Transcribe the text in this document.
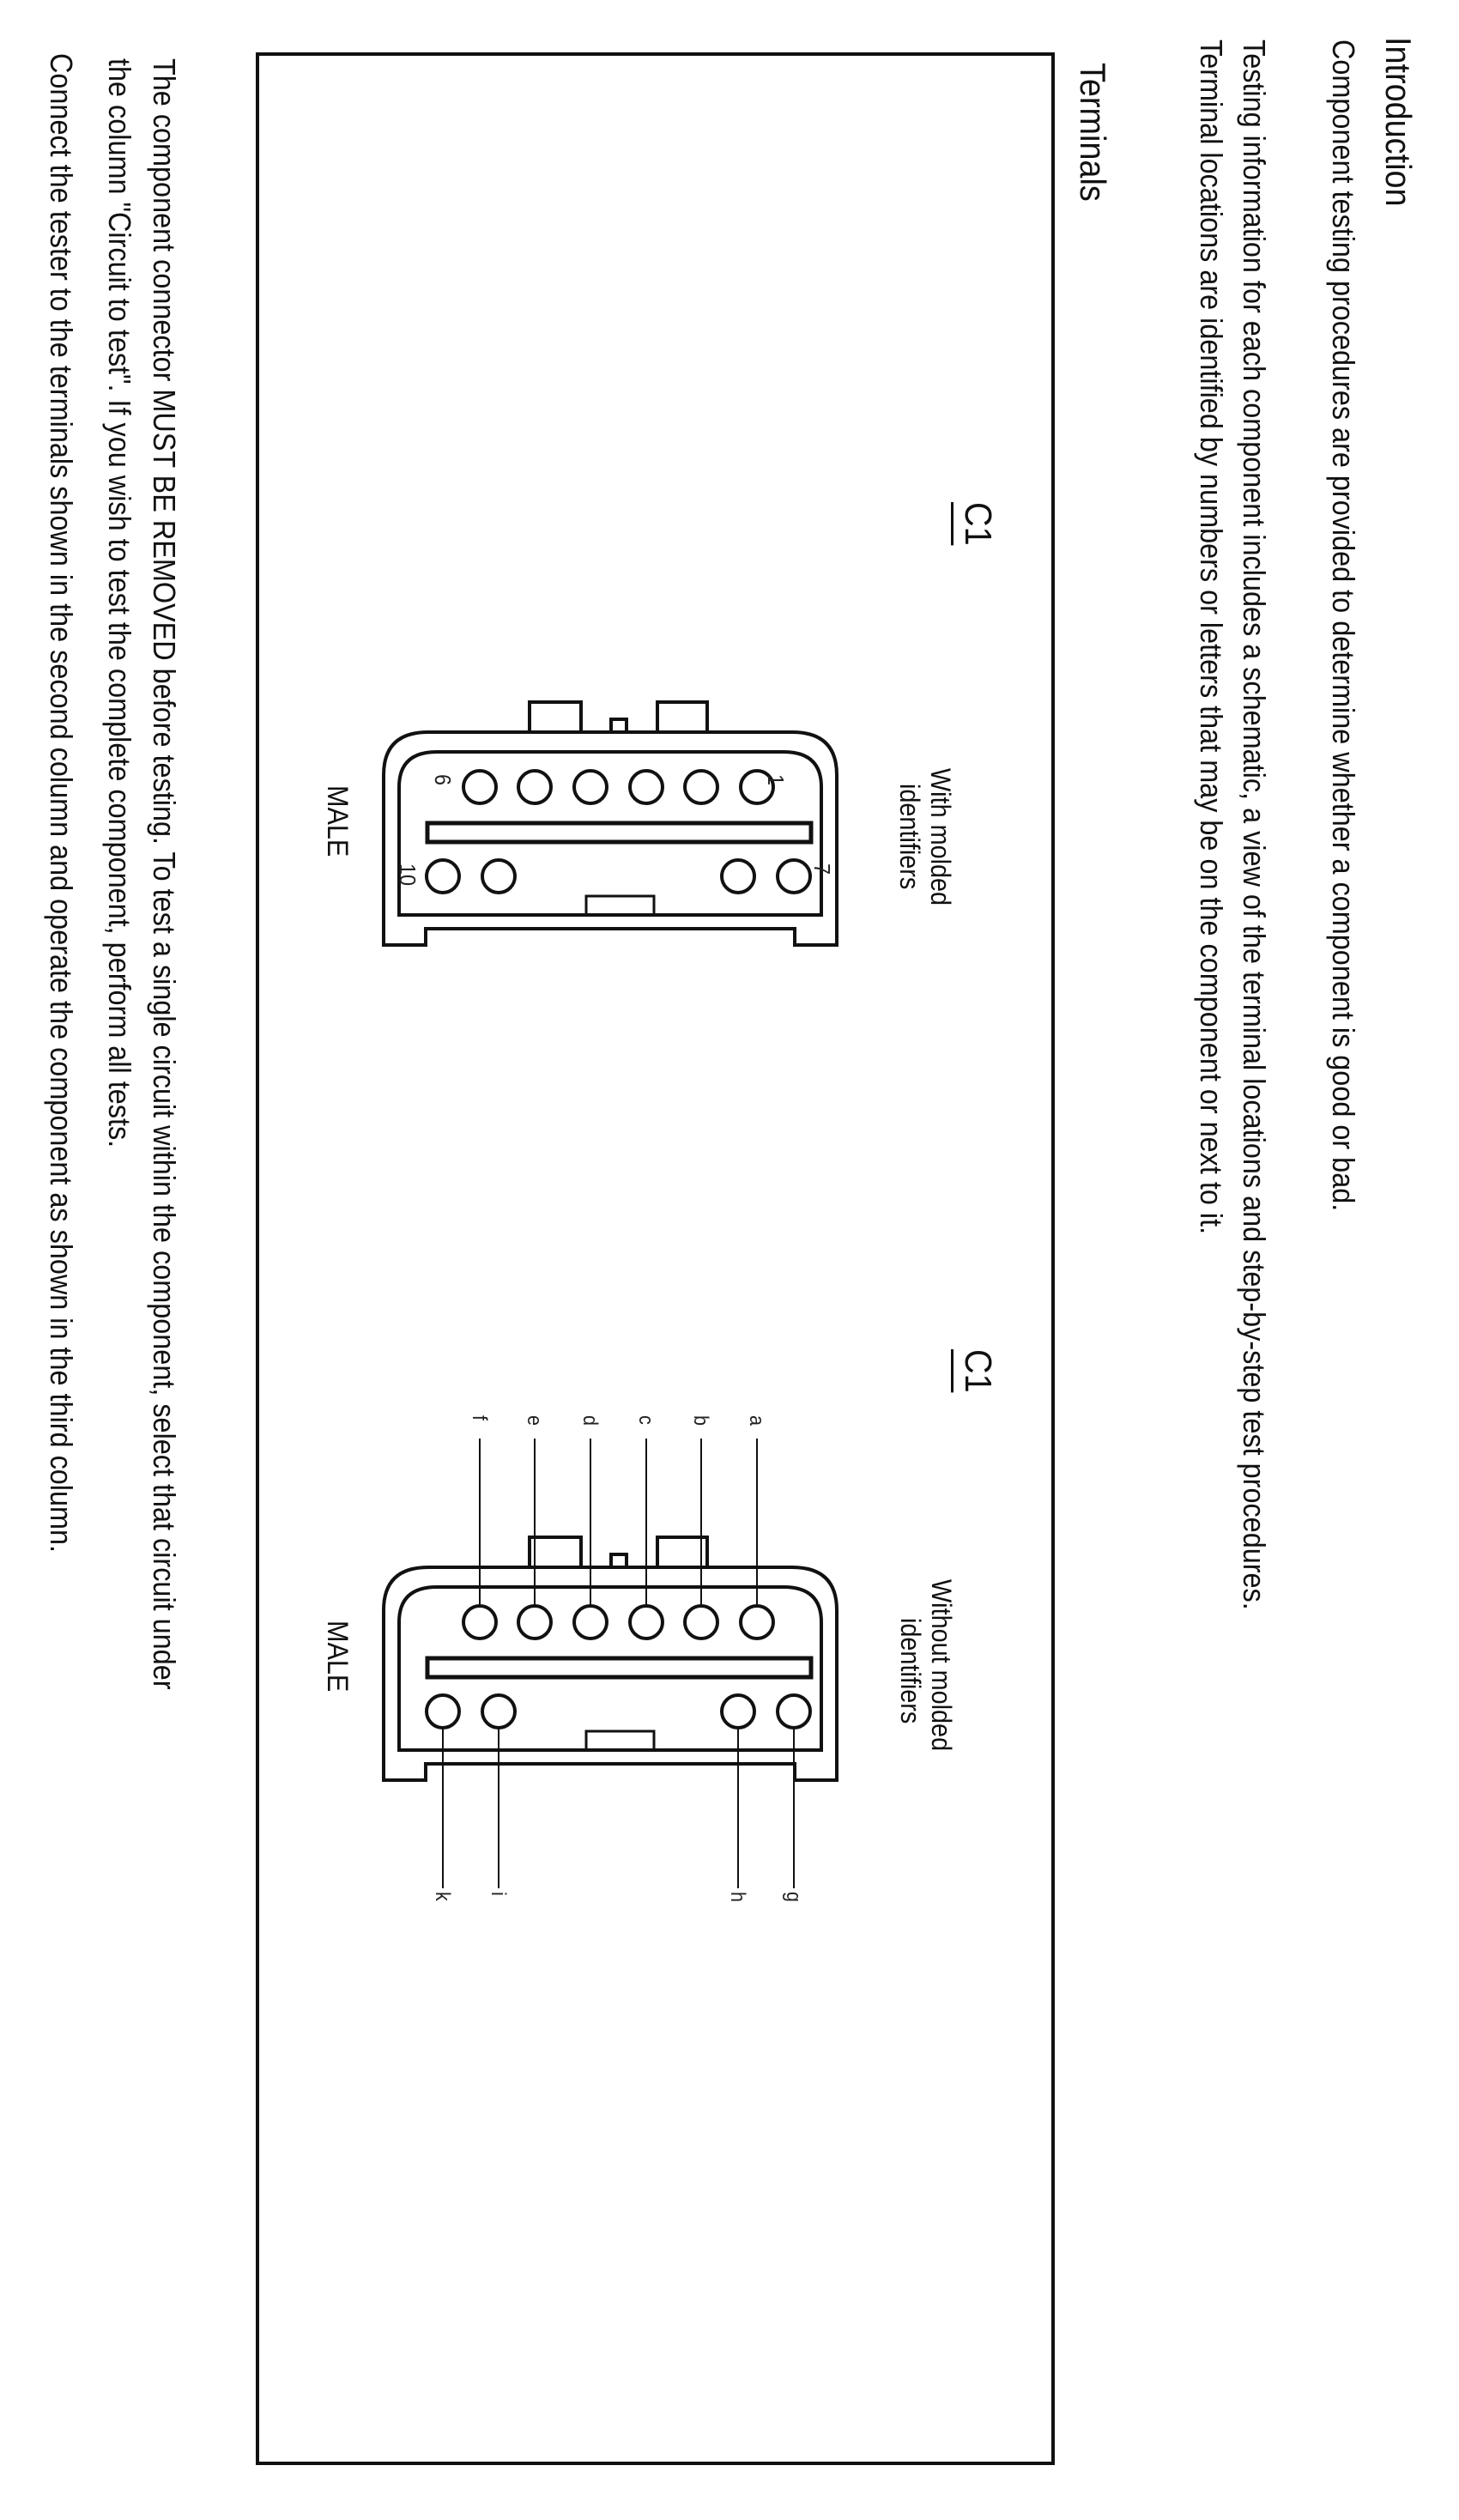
Introduction
Component testing procedures are provided to determine whether a component is good or bad.
Testing information for each component includes a schematic, a view of the terminal locations and step-by-step test procedures.
Terminal locations are identified by numbers or letters that may be on the component or next to it.
Terminals
The component connector MUST BE REMOVED before testing. To test a single circuit within the component, select that circuit under
the column "Circuit to test". If you wish to test the complete component, perform all tests.
Connect the tester to the terminals shown in the second column and operate the component as shown in the third column.	C1
MALE	With molded
identifiers
6	1
10	7
C1
MALE	Without molded
identifiers
f e d c b a
k i	h g
